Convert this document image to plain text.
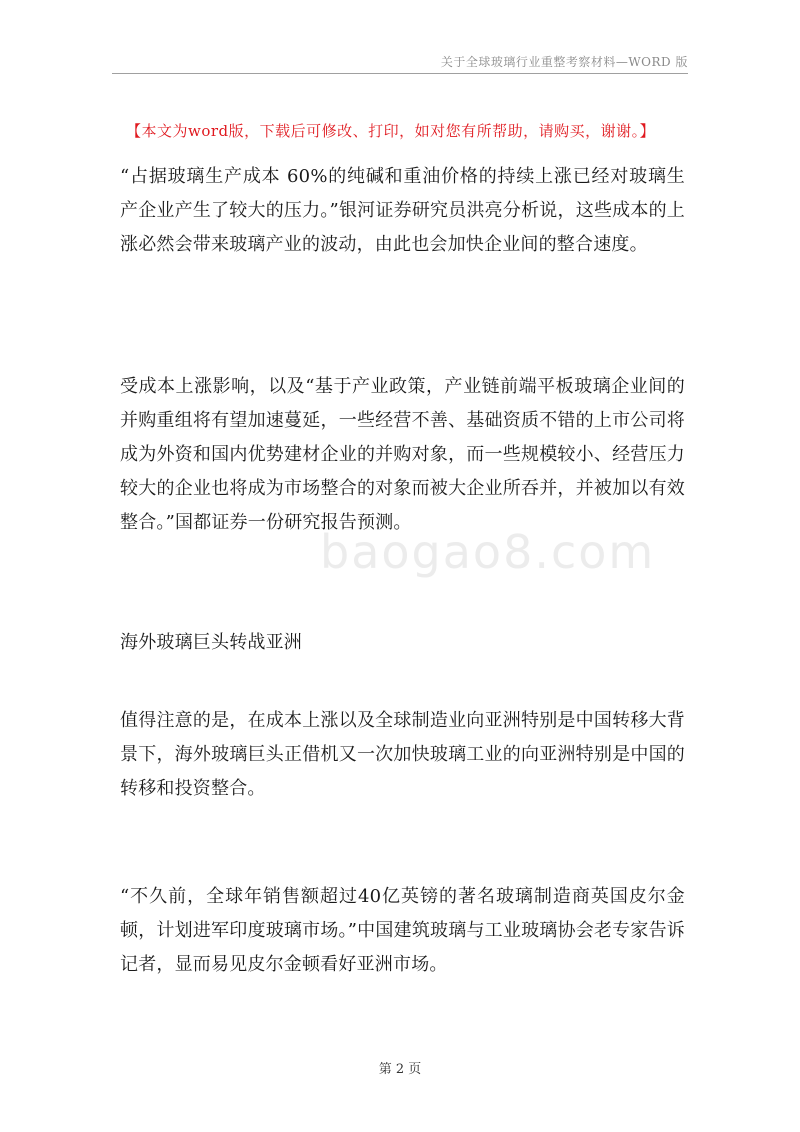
关于全球玻璃行业重整考察材料—WORD 版
【本文为word版，下载后可修改、打印，如对您有所帮助，请购买，谢谢。】
baogao8.com
“占据玻璃生产成本 60%的纯碱和重油价格的持续上涨已经对玻璃生产企业产生了较大的压力。”银河证券研究员洪亮分析说，这些成本的上涨必然会带来玻璃产业的波动，由此也会加快企业间的整合速度。
受成本上涨影响，以及“基于产业政策，产业链前端平板玻璃企业间的并购重组将有望加速蔓延，一些经营不善、基础资质不错的上市公司将成为外资和国内优势建材企业的并购对象，而一些规模较小、经营压力较大的企业也将成为市场整合的对象而被大企业所吞并，并被加以有效整合。”国都证券一份研究报告预测。
海外玻璃巨头转战亚洲
值得注意的是，在成本上涨以及全球制造业向亚洲特别是中国转移大背景下，海外玻璃巨头正借机又一次加快玻璃工业的向亚洲特别是中国的转移和投资整合。
“不久前，全球年销售额超过40亿英镑的著名玻璃制造商英国皮尔金顿，计划进军印度玻璃市场。”中国建筑玻璃与工业玻璃协会老专家告诉记者，显而易见皮尔金顿看好亚洲市场。
第 2 页
